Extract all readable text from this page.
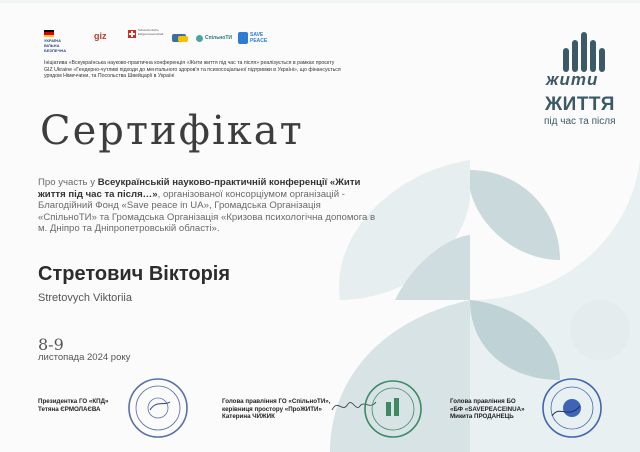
УКРАЇНА
ВІЛЬНА
БЕЗПЕЧНА
giz
Schweizerische Eidgenossenschaft
СпільноТИ	SAVE
PEACE
Ініціатива «Всеукраїнська науково-практична конференція «Жити життя під час та після» реалізується в рамках проєкту GIZ Ukraine «Гендерно-чутливі підходи до ментального здоров'я та психосоціальної підтримки в Україні», що фінансується урядом Німеччини, та Посольства Швейцарії в Україні	жити
ЖИТТЯ
під час та після
Сертифікат
Про участь у Всеукраїнській науково-практичній конференції «Жити життя під час та після…», організованої консорціумом організацій - Благодійний Фонд «Save peace in UA», Громадська Організація «СпільноТИ» та Громадська Організація «Кризова психологічна допомога в м. Дніпро та Дніпропетровській області».
Стретович Вікторія
Stretovych Viktoriia
8-9
листопада 2024 року
Президентка ГО «КПД»
Тетяна ЄРМОЛАЄВА
Голова правління ГО «СпільноТИ»,
керівниця простору «ПроЖИТИ»
Катерина ЧИЖИК
Голова правління БО
«БФ «SAVEPEACEINUA»
Микита ПРОДАНЕЦЬ
